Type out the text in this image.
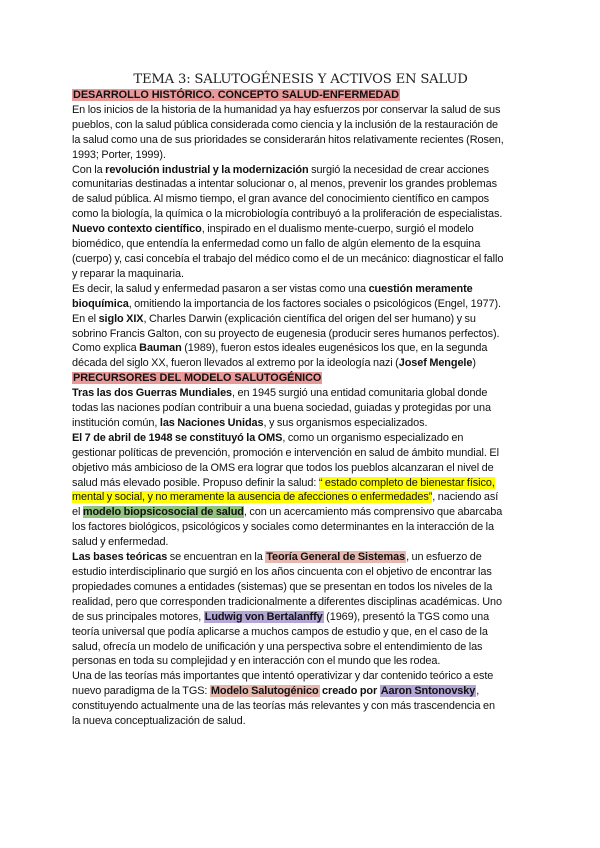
TEMA 3: SALUTOGÉNESIS Y ACTIVOS EN SALUD
DESARROLLO HISTÓRICO. CONCEPTO SALUD-ENFERMEDAD

En los inicios de la historia de la humanidad ya hay esfuerzos por conservar la salud de sus
pueblos, con la salud pública considerada como ciencia y la inclusión de la restauración de
la salud como una de sus prioridades se considerarán hitos relativamente recientes (Rosen,
1993; Porter, 1999).

Con la revolución industrial y la modernización surgió la necesidad de crear acciones
comunitarias destinadas a intentar solucionar o, al menos, prevenir los grandes problemas
de salud pública. Al mismo tiempo, el gran avance del conocimiento científico en campos
como la biología, la química o la microbiología contribuyó a la proliferación de especialistas.

Nuevo contexto científico, inspirado en el dualismo mente-cuerpo, surgió el modelo
biomédico, que entendía la enfermedad como un fallo de algún elemento de la esquina
(cuerpo) y, casi concebía el trabajo del médico como el de un mecánico: diagnosticar el fallo
y reparar la maquinaria.

Es decir, la salud y enfermedad pasaron a ser vistas como una cuestión meramente
bioquímica, omitiendo la importancia de los factores sociales o psicológicos (Engel, 1977).

En el siglo XIX, Charles Darwin (explicación científica del origen del ser humano) y su
sobrino Francis Galton, con su proyecto de eugenesia (producir seres humanos perfectos).

Como explica Bauman (1989), fueron estos ideales eugenésicos los que, en la segunda
década del siglo XX, fueron llevados al extremo por la ideología nazi (Josef Mengele)

PRECURSORES DEL MODELO SALUTOGÉNICO

Tras las dos Guerras Mundiales, en 1945 surgió una entidad comunitaria global donde
todas las naciones podían contribuir a una buena sociedad, guiadas y protegidas por una
institución común, las Naciones Unidas, y sus organismos especializados.

El 7 de abril de 1948 se constituyó la OMS, como un organismo especializado en
gestionar políticas de prevención, promoción e intervención en salud de ámbito mundial. El
objetivo más ambicioso de la OMS era lograr que todos los pueblos alcanzaran el nivel de
salud más elevado posible. Propuso definir la salud: “ estado completo de bienestar físico,
mental y social, y no meramente la ausencia de afecciones o enfermedades”, naciendo así
el modelo biopsicosocial de salud, con un acercamiento más comprensivo que abarcaba
los factores biológicos, psicológicos y sociales como determinantes en la interacción de la
salud y enfermedad.

Las bases teóricas se encuentran en la Teoría General de Sistemas, un esfuerzo de
estudio interdisciplinario que surgió en los años cincuenta con el objetivo de encontrar las
propiedades comunes a entidades (sistemas) que se presentan en todos los niveles de la
realidad, pero que corresponden tradicionalmente a diferentes disciplinas académicas. Uno
de sus principales motores, Ludwig von Bertalanffy (1969), presentó la TGS como una
teoría universal que podía aplicarse a muchos campos de estudio y que, en el caso de la
salud, ofrecía un modelo de unificación y una perspectiva sobre el entendimiento de las
personas en toda su complejidad y en interacción con el mundo que les rodea.

Una de las teorías más importantes que intentó operativizar y dar contenido teórico a este
nuevo paradigma de la TGS: Modelo Salutogénico creado por Aaron Sntonovsky,
constituyendo actualmente una de las teorías más relevantes y con más trascendencia en
la nueva conceptualización de salud.
